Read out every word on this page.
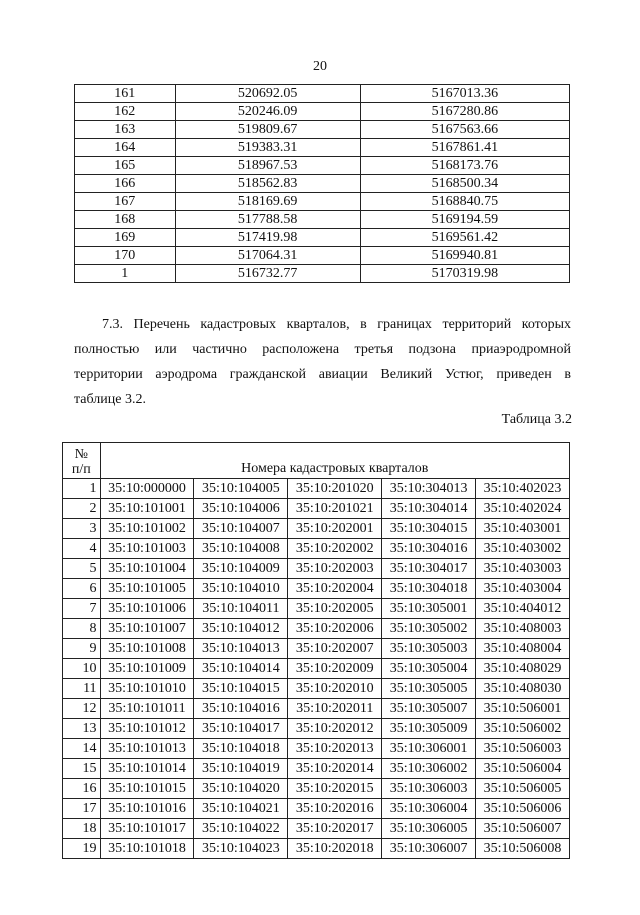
20
161	520692.05	5167013.36
162	520246.09	5167280.86
163	519809.67	5167563.66
164	519383.31	5167861.41
165	518967.53	5168173.76
166	518562.83	5168500.34
167	518169.69	5168840.75
168	517788.58	5169194.59
169	517419.98	5169561.42
170	517064.31	5169940.81
1	516732.77	5170319.98
7.3. Перечень кадастровых кварталов, в границах территорий которых
полностью или частично расположена третья подзона приаэродромной
территории аэродрома гражданской авиации Великий Устюг, приведен в
таблице 3.2.
Таблица 3.2
№
п/п	Номера кадастровых кварталов				
1	35:10:000000	35:10:104005	35:10:201020	35:10:304013	35:10:402023
2	35:10:101001	35:10:104006	35:10:201021	35:10:304014	35:10:402024
3	35:10:101002	35:10:104007	35:10:202001	35:10:304015	35:10:403001
4	35:10:101003	35:10:104008	35:10:202002	35:10:304016	35:10:403002
5	35:10:101004	35:10:104009	35:10:202003	35:10:304017	35:10:403003
6	35:10:101005	35:10:104010	35:10:202004	35:10:304018	35:10:403004
7	35:10:101006	35:10:104011	35:10:202005	35:10:305001	35:10:404012
8	35:10:101007	35:10:104012	35:10:202006	35:10:305002	35:10:408003
9	35:10:101008	35:10:104013	35:10:202007	35:10:305003	35:10:408004
10	35:10:101009	35:10:104014	35:10:202009	35:10:305004	35:10:408029
11	35:10:101010	35:10:104015	35:10:202010	35:10:305005	35:10:408030
12	35:10:101011	35:10:104016	35:10:202011	35:10:305007	35:10:506001
13	35:10:101012	35:10:104017	35:10:202012	35:10:305009	35:10:506002
14	35:10:101013	35:10:104018	35:10:202013	35:10:306001	35:10:506003
15	35:10:101014	35:10:104019	35:10:202014	35:10:306002	35:10:506004
16	35:10:101015	35:10:104020	35:10:202015	35:10:306003	35:10:506005
17	35:10:101016	35:10:104021	35:10:202016	35:10:306004	35:10:506006
18	35:10:101017	35:10:104022	35:10:202017	35:10:306005	35:10:506007
19	35:10:101018	35:10:104023	35:10:202018	35:10:306007	35:10:506008
